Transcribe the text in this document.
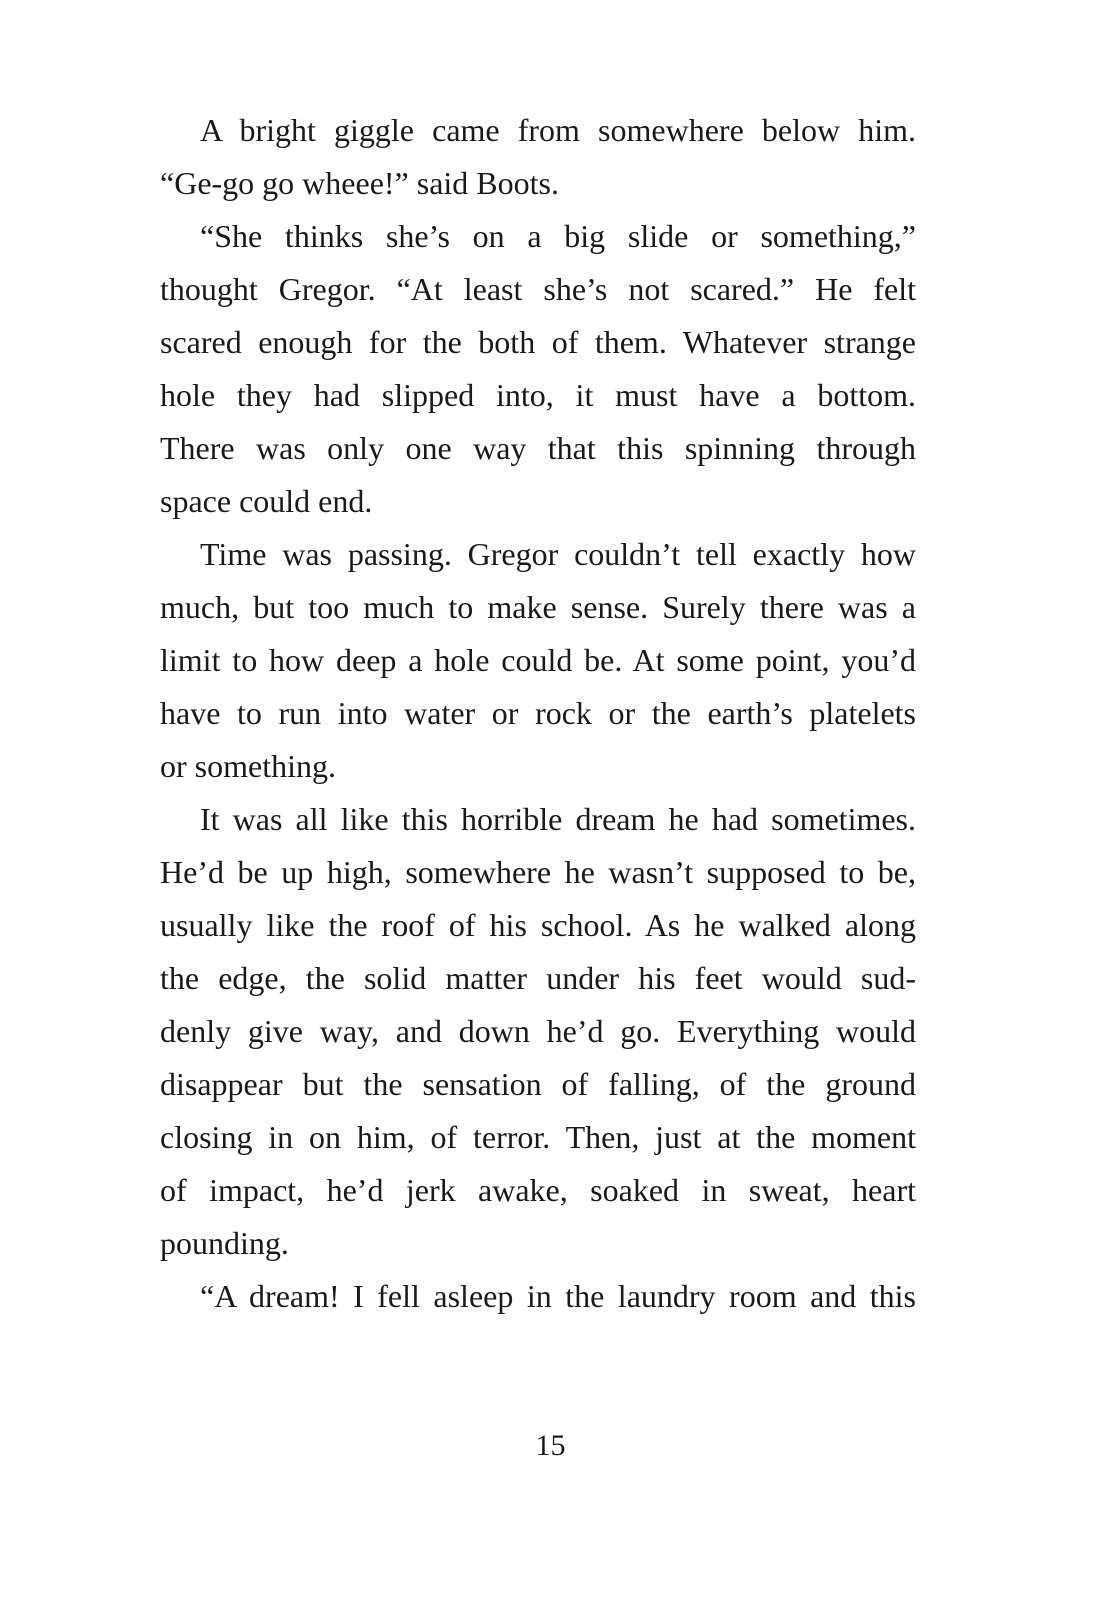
A bright giggle came from somewhere below him.
“Ge-go go wheee!” said Boots.
“She thinks she’s on a big slide or something,”
thought Gregor. “At least she’s not scared.” He felt
scared enough for the both of them. Whatever strange
hole they had slipped into, it must have a bottom.
There was only one way that this spinning through
space could end.
Time was passing. Gregor couldn’t tell exactly how
much, but too much to make sense. Surely there was a
limit to how deep a hole could be. At some point, you’d
have to run into water or rock or the earth’s platelets
or something.
It was all like this horrible dream he had sometimes.
He’d be up high, somewhere he wasn’t supposed to be,
usually like the roof of his school. As he walked along
the edge, the solid matter under his feet would sud-
denly give way, and down he’d go. Everything would
disappear but the sensation of falling, of the ground
closing in on him, of terror. Then, just at the moment
of impact, he’d jerk awake, soaked in sweat, heart
pounding.
“A dream! I fell asleep in the laundry room and this
15
